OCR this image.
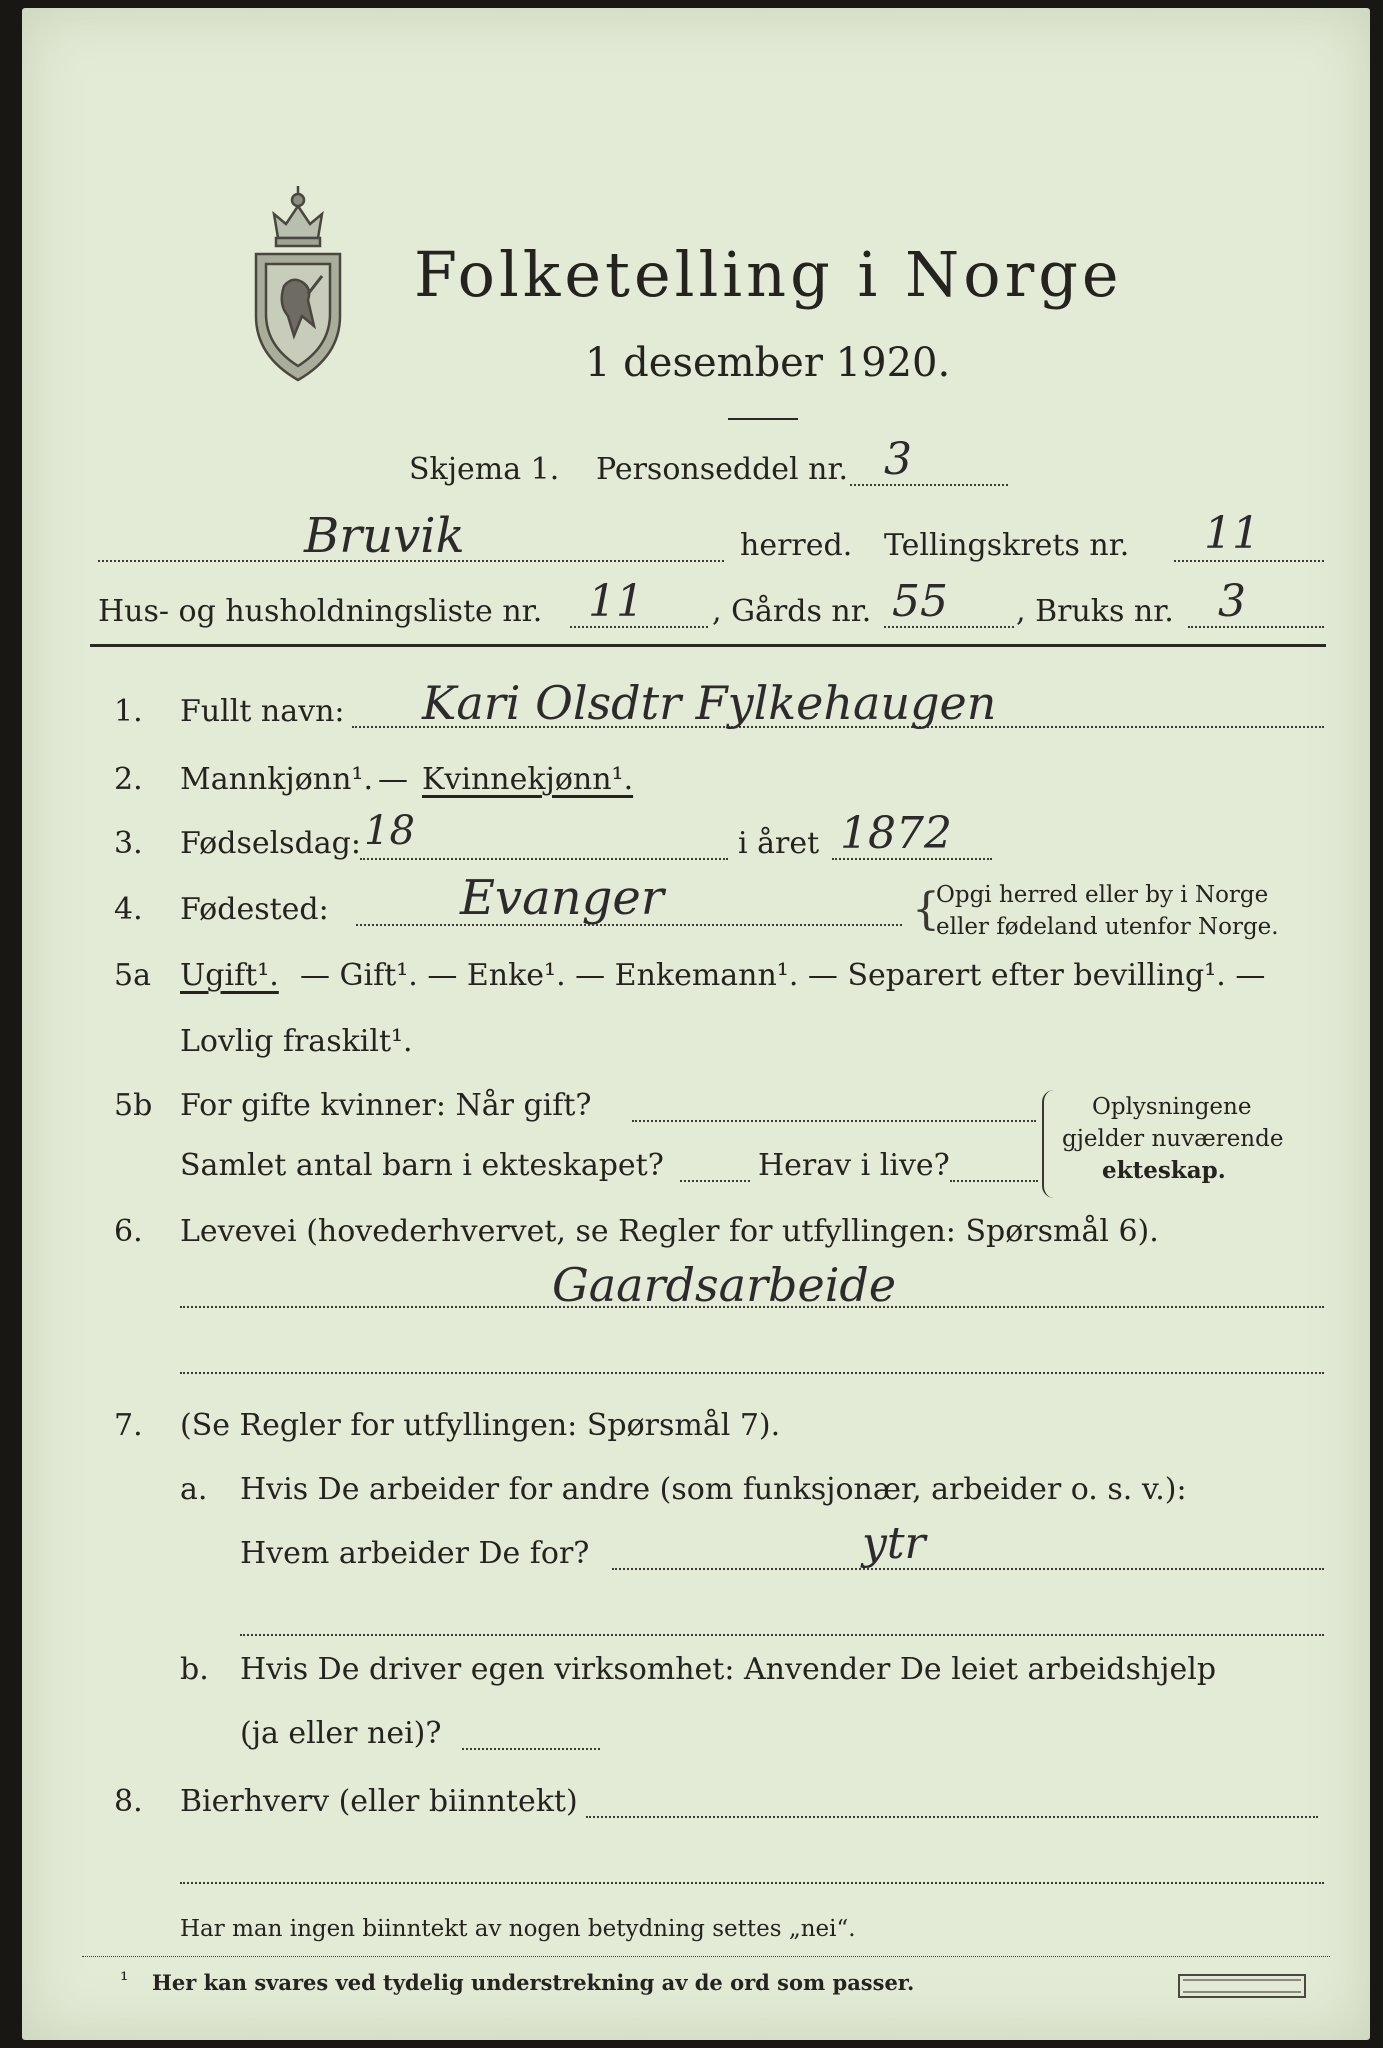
Folketelling i Norge
1 desember 1920.
Skjema 1. Personseddel nr. 3
Bruvik	herred. Tellingskrets nr. 11
Hus- og husholdningsliste nr. 11 , Gårds nr. 55 , Bruks nr. 3
1. Fullt navn: Kari Olsdtr Fylkehaugen
2. Mannkjønn¹. — Kvinnekjønn¹.
3. Fødselsdag: 18	i året 1872
4. Fødested:	Evanger	{
Opgi herred eller by i Norge
eller fødeland utenfor Norge.
5a Ugift¹. — Gift¹. — Enke¹. — Enkemann¹. — Separert efter bevilling¹. —
Lovlig fraskilt¹.
5b For gifte kvinner: Når gift?
Samlet antal barn i ekteskapet?	Herav i live?
Oplysningene
gjelder nuværende
ekteskap.
6. Levevei (hovederhvervet, se Regler for utfyllingen: Spørsmål 6).
Gaardsarbeide
7. (Se Regler for utfyllingen: Spørsmål 7).
a. Hvis De arbeider for andre (som funksjonær, arbeider o. s. v.):
Hvem arbeider De for?	ytr
b. Hvis De driver egen virksomhet: Anvender De leiet arbeidshjelp
(ja eller nei)?
8. Bierhverv (eller biinntekt)
Har man ingen biinntekt av nogen betydning settes „nei“.
¹ Her kan svares ved tydelig understrekning av de ord som passer.
